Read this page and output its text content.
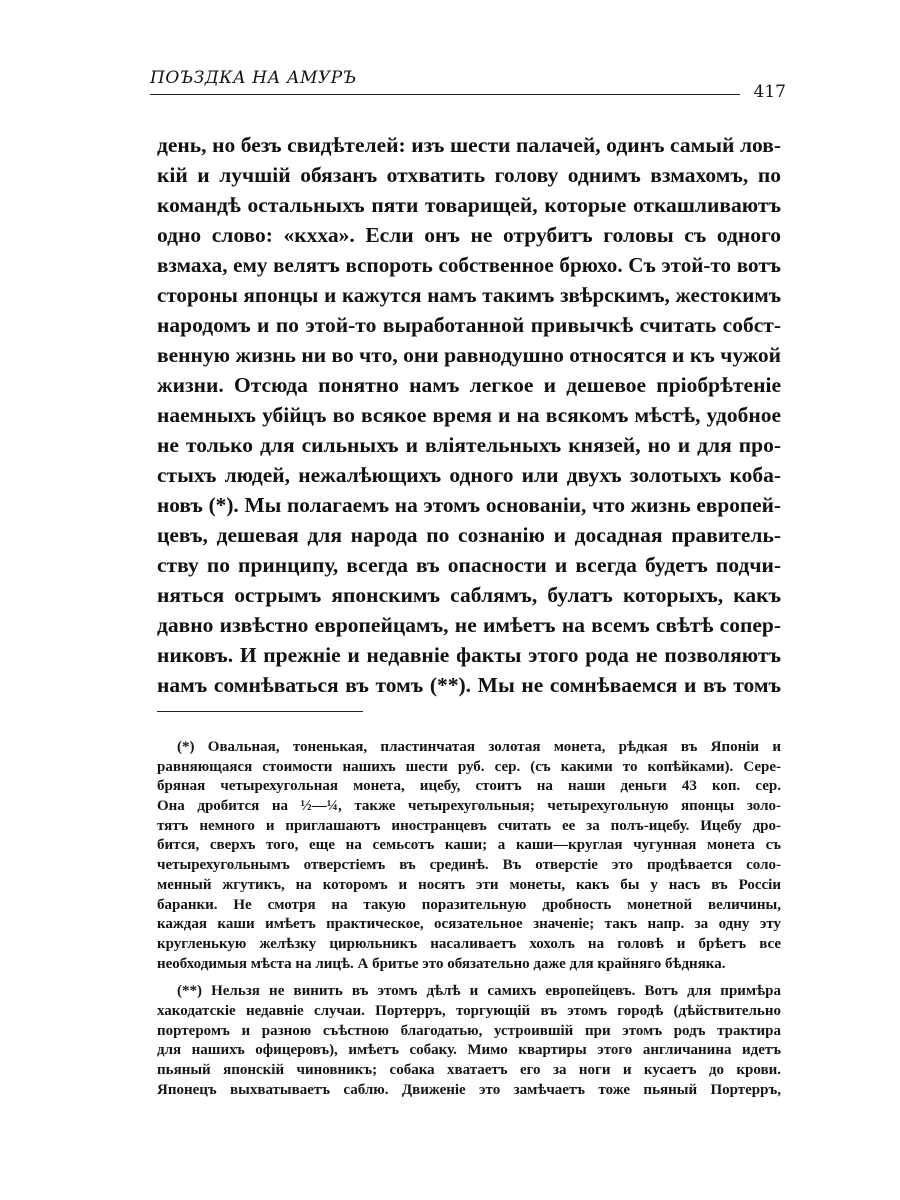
ПОЪЗДКА НА АМУРЪ
417
день, но безъ свидѣтелей: изъ шести палачей, одинъ самый лов-
кій и лучшій обязанъ отхватить голову однимъ взмахомъ, по
командѣ остальныхъ пяти товарищей, которые откашливаютъ
одно слово: «кхха». Если онъ не отрубитъ головы съ одного
взмаха, ему велятъ вспороть собственное брюхо. Съ этой-то вотъ
стороны японцы и кажутся намъ такимъ звѣрскимъ, жестокимъ
народомъ и по этой-то выработанной привычкѣ считать собст-
венную жизнь ни во что, они равнодушно относятся и къ чужой
жизни. Отсюда понятно намъ легкое и дешевое пріобрѣтеніе
наемныхъ убійцъ во всякое время и на всякомъ мѣстѣ, удобное
не только для сильныхъ и вліятельныхъ князей, но и для про-
стыхъ людей, нежалѣющихъ одного или двухъ золотыхъ коба-
новъ (*). Мы полагаемъ на этомъ основаніи, что жизнь европей-
цевъ, дешевая для народа по сознанію и досадная правитель-
ству по принципу, всегда въ опасности и всегда будетъ подчи-
няться острымъ японскимъ саблямъ, булатъ которыхъ, какъ
давно извѣстно европейцамъ, не имѣетъ на всемъ свѣтѣ сопер-
никовъ. И прежніе и недавніе факты этого рода не позволяютъ
намъ сомнѣваться въ томъ (**). Мы не сомнѣваемся и въ томъ
(*) Овальная, тоненькая, пластинчатая золотая монета, рѣдкая въ Японіи и
равняющаяся стоимости нашихъ шести руб. сер. (съ какими то копѣйками). Сере-
бряная четырехугольная монета, ицебу, стоитъ на наши деньги 43 коп. сер.
Она дробится на ½—¼, также четырехугольныя; четырехугольную японцы золо-
тятъ немного и приглашаютъ иностранцевъ считать ее за полъ-ицебу. Ицебу дро-
бится, сверхъ того, еще на семьсотъ каши; а каши—круглая чугунная монета съ
четырехугольнымъ отверстіемъ въ срединѣ. Въ отверстіе это продѣвается соло-
менный жгутикъ, на которомъ и носятъ эти монеты, какъ бы у насъ въ Россіи
баранки. Не смотря на такую поразительную дробность монетной величины,
каждая каши имѣетъ практическое, осязательное значеніе; такъ напр. за одну эту
кругленькую желѣзку цирюльникъ насаливаетъ хохолъ на головѣ и брѣетъ все
необходимыя мѣста на лицѣ. А бритье это обязательно даже для крайняго бѣдняка.
(**) Нельзя не винить въ этомъ дѣлѣ и самихъ европейцевъ. Вотъ для примѣра
хакодатскіе недавніе случаи. Портерръ, торгующій въ этомъ городѣ (дѣйствительно
портеромъ и разною съѣстною благодатью, устроившій при этомъ родъ трактира
для нашихъ офицеровъ), имѣетъ собаку. Мимо квартиры этого англичанина идетъ
пьяный японскій чиновникъ; собака хватаетъ его за ноги и кусаетъ до крови.
Японецъ выхватываетъ саблю. Движеніе это замѣчаетъ тоже пьяный Портерръ,
